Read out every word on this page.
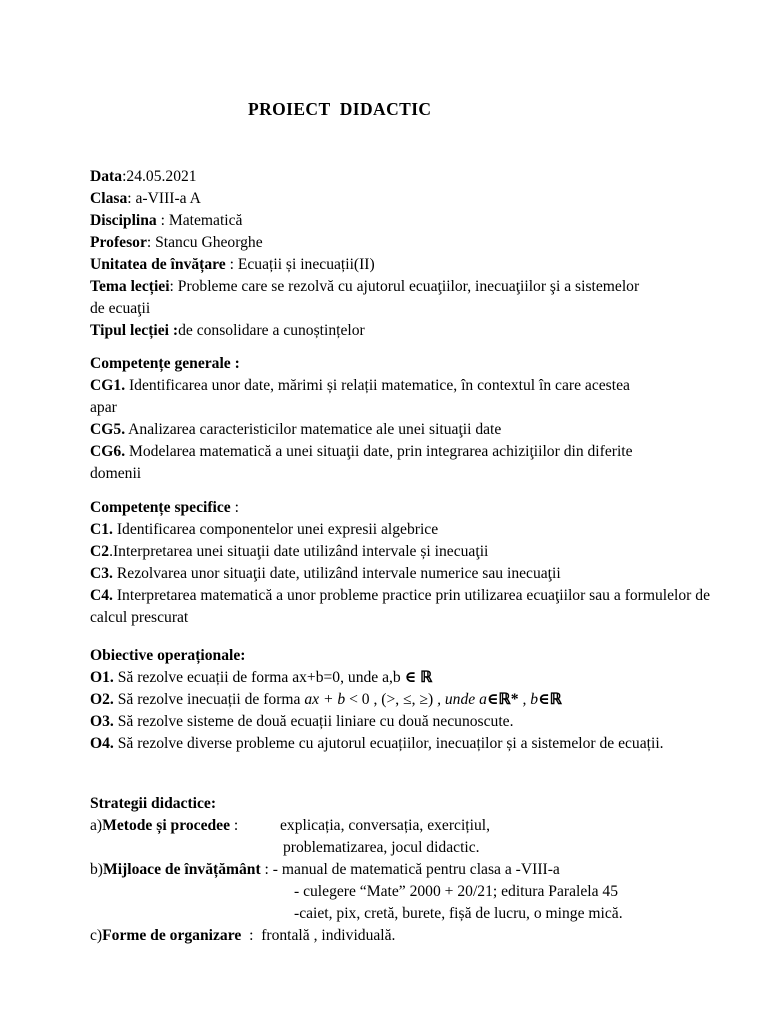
PROIECT  DIDACTIC
Data:24.05.2021
Clasa: a-VIII-a A
Disciplina : Matematică
Profesor: Stancu Gheorghe
Unitatea de învățare : Ecuații și inecuații(II)
Tema lecției: Probleme care se rezolvă cu ajutorul ecuaţiilor, inecuaţiilor şi a sistemelor de ecuaţii
Tipul lecției :de consolidare a cunoștințelor
Competențe generale :
CG1. Identificarea unor date, mărimi și relații matematice, în contextul în care acestea apar
CG5. Analizarea caracteristicilor matematice ale unei situaţii date
CG6. Modelarea matematică a unei situaţii date, prin integrarea achiziţiilor din diferite domenii
Competențe specifice :
C1. Identificarea componentelor unei expresii algebrice
C2.Interpretarea unei situaţii date utilizând intervale și inecuaţii
C3. Rezolvarea unor situaţii date, utilizând intervale numerice sau inecuaţii
C4. Interpretarea matematică a unor probleme practice prin utilizarea ecuaţiilor sau a formulelor de calcul prescurat
Obiective operaționale:
O1. Să rezolve ecuații de forma ax+b=0, unde a,b ∈ ℝ
O2. Să rezolve inecuații de forma ax + b < 0 , (>, ≤, ≥) , unde a∈ℝ* , b∈ℝ
O3. Să rezolve sisteme de două ecuații liniare cu două necunoscute.
O4. Să rezolve diverse probleme cu ajutorul ecuațiilor, inecuaților și a sistemelor de ecuații.
Strategii didactice:
a)Metode și procedee :	explicația, conversația, exercițiul,
problematizarea, jocul didactic.
b)Mijloace de învățământ : - manual de matematică pentru clasa a -VIII-a
- culegere “Mate” 2000 + 20/21; editura Paralela 45
-caiet, pix, cretă, burete, fișă de lucru, o minge mică.
c)Forme de organizare  :  frontală , individuală.
